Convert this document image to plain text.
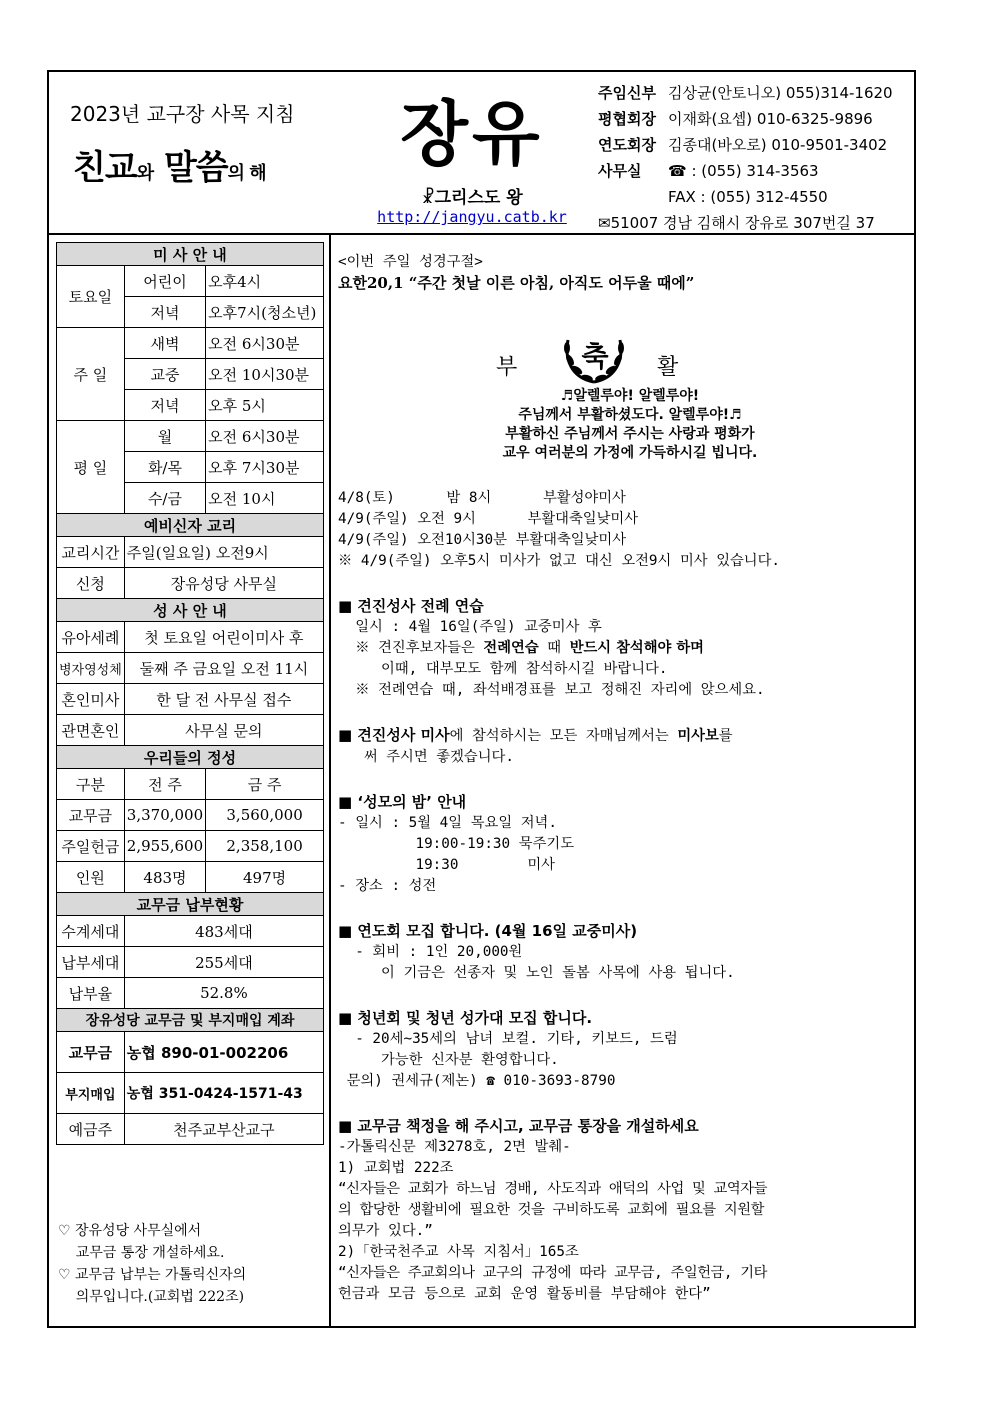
2023년 교구장 사목 지침
친교와 말씀의 해	장유
☧그리스도 왕
http://jangyu.catb.kr
주임신부 김상균(안토니오) 055)314-1620
평협회장 이재화(요셉) 010-6325-9896
연도회장 김종대(바오로) 010-9501-3402
사무실 ☎ : (055) 314-3563
FAX : (055) 312-4550
✉51007 경남 김해시 장유로 307번길 37
미 사 안 내		
토요일	어린이	오후4시
	저녁	오후7시(청소년)
주 일	새벽	오전 6시30분
	교중	오전 10시30분
	저녁	오후 5시
평 일	월	오전 6시30분
	화/목	오후 7시30분
	수/금	오전 10시
예비신자 교리		
교리시간	주일(일요일) 오전9시	
신청	장유성당 사무실	
성 사 안 내		
유아세례	첫 토요일 어린이미사 후	
병자영성체	둘째 주 금요일 오전 11시	
혼인미사	한 달 전 사무실 접수	
관면혼인	사무실 문의	
우리들의 정성		
구분	전 주	금 주
교무금	3,370,000	3,560,000
주일헌금	2,955,600	2,358,100
인원	483명	497명
교무금 납부현황		
수계세대	483세대	
납부세대	255세대	
납부율	52.8%	
장유성당 교무금 및 부지매입 계좌		
교무금	농협 890-01-002206	
부지매입	농협 351-0424-1571-43	
예금주	천주교부산교구	
♡ 장유성당 사무실에서
교무금 통장 개설하세요.
♡ 교무금 납부는 가톨릭신자의
의무입니다.(교회법 222조)
<이번 주일 성경구절>
요한20,1 “주간 첫날 이른 아침, 아직도 어두울 때에”
부 축 활
♬알렐루야! 알렐루야!
주님께서 부활하셨도다. 알렐루야!♬
부활하신 주님께서 주시는 사랑과 평화가
교우 여러분의 가정에 가득하시길 빕니다.
4/8(토)      밤 8시      부활성야미사
4/9(주일) 오전 9시      부활대축일낮미사
4/9(주일) 오전10시30분 부활대축일낮미사
※ 4/9(주일) 오후5시 미사가 없고 대신 오전9시 미사 있습니다.
■ 견진성사 전례 연습
일시 : 4월 16일(주일) 교중미사 후
※ 견진후보자들은 전례연습 때 반드시 참석해야 하며
이때, 대부모도 함께 참석하시길 바랍니다.
※ 전례연습 때, 좌석배경표를 보고 정해진 자리에 앉으세요.
■ 견진성사 미사에 참석하시는 모든 자매님께서는 미사보를
써 주시면 좋겠습니다.
■ ‘성모의 밤’ 안내
- 일시 : 5월 4일 목요일 저녁.
19:00-19:30 묵주기도
19:30        미사
- 장소 : 성전
■ 연도회 모집 합니다. (4월 16일 교중미사)
- 회비 : 1인 20,000원
이 기금은 선종자 및 노인 돌봄 사목에 사용 됩니다.
■ 청년회 및 청년 성가대 모집 합니다.
- 20세~35세의 남녀 보컬. 기타, 키보드, 드럼
가능한 신자분 환영합니다.
문의) 권세규(제논) ☎ 010-3693-8790
■ 교무금 책정을 해 주시고, 교무금 통장을 개설하세요
-가톨릭신문 제3278호, 2면 발췌-
1) 교회법 222조
“신자들은 교회가 하느님 경배, 사도직과 애덕의 사업 및 교역자들
의 합당한 생활비에 필요한 것을 구비하도록 교회에 필요를 지원할
의무가 있다.”
2)「한국천주교 사목 지침서」165조
“신자들은 주교회의나 교구의 규정에 따라 교무금, 주일헌금, 기타
헌금과 모금 등으로 교회 운영 활동비를 부담해야 한다”
